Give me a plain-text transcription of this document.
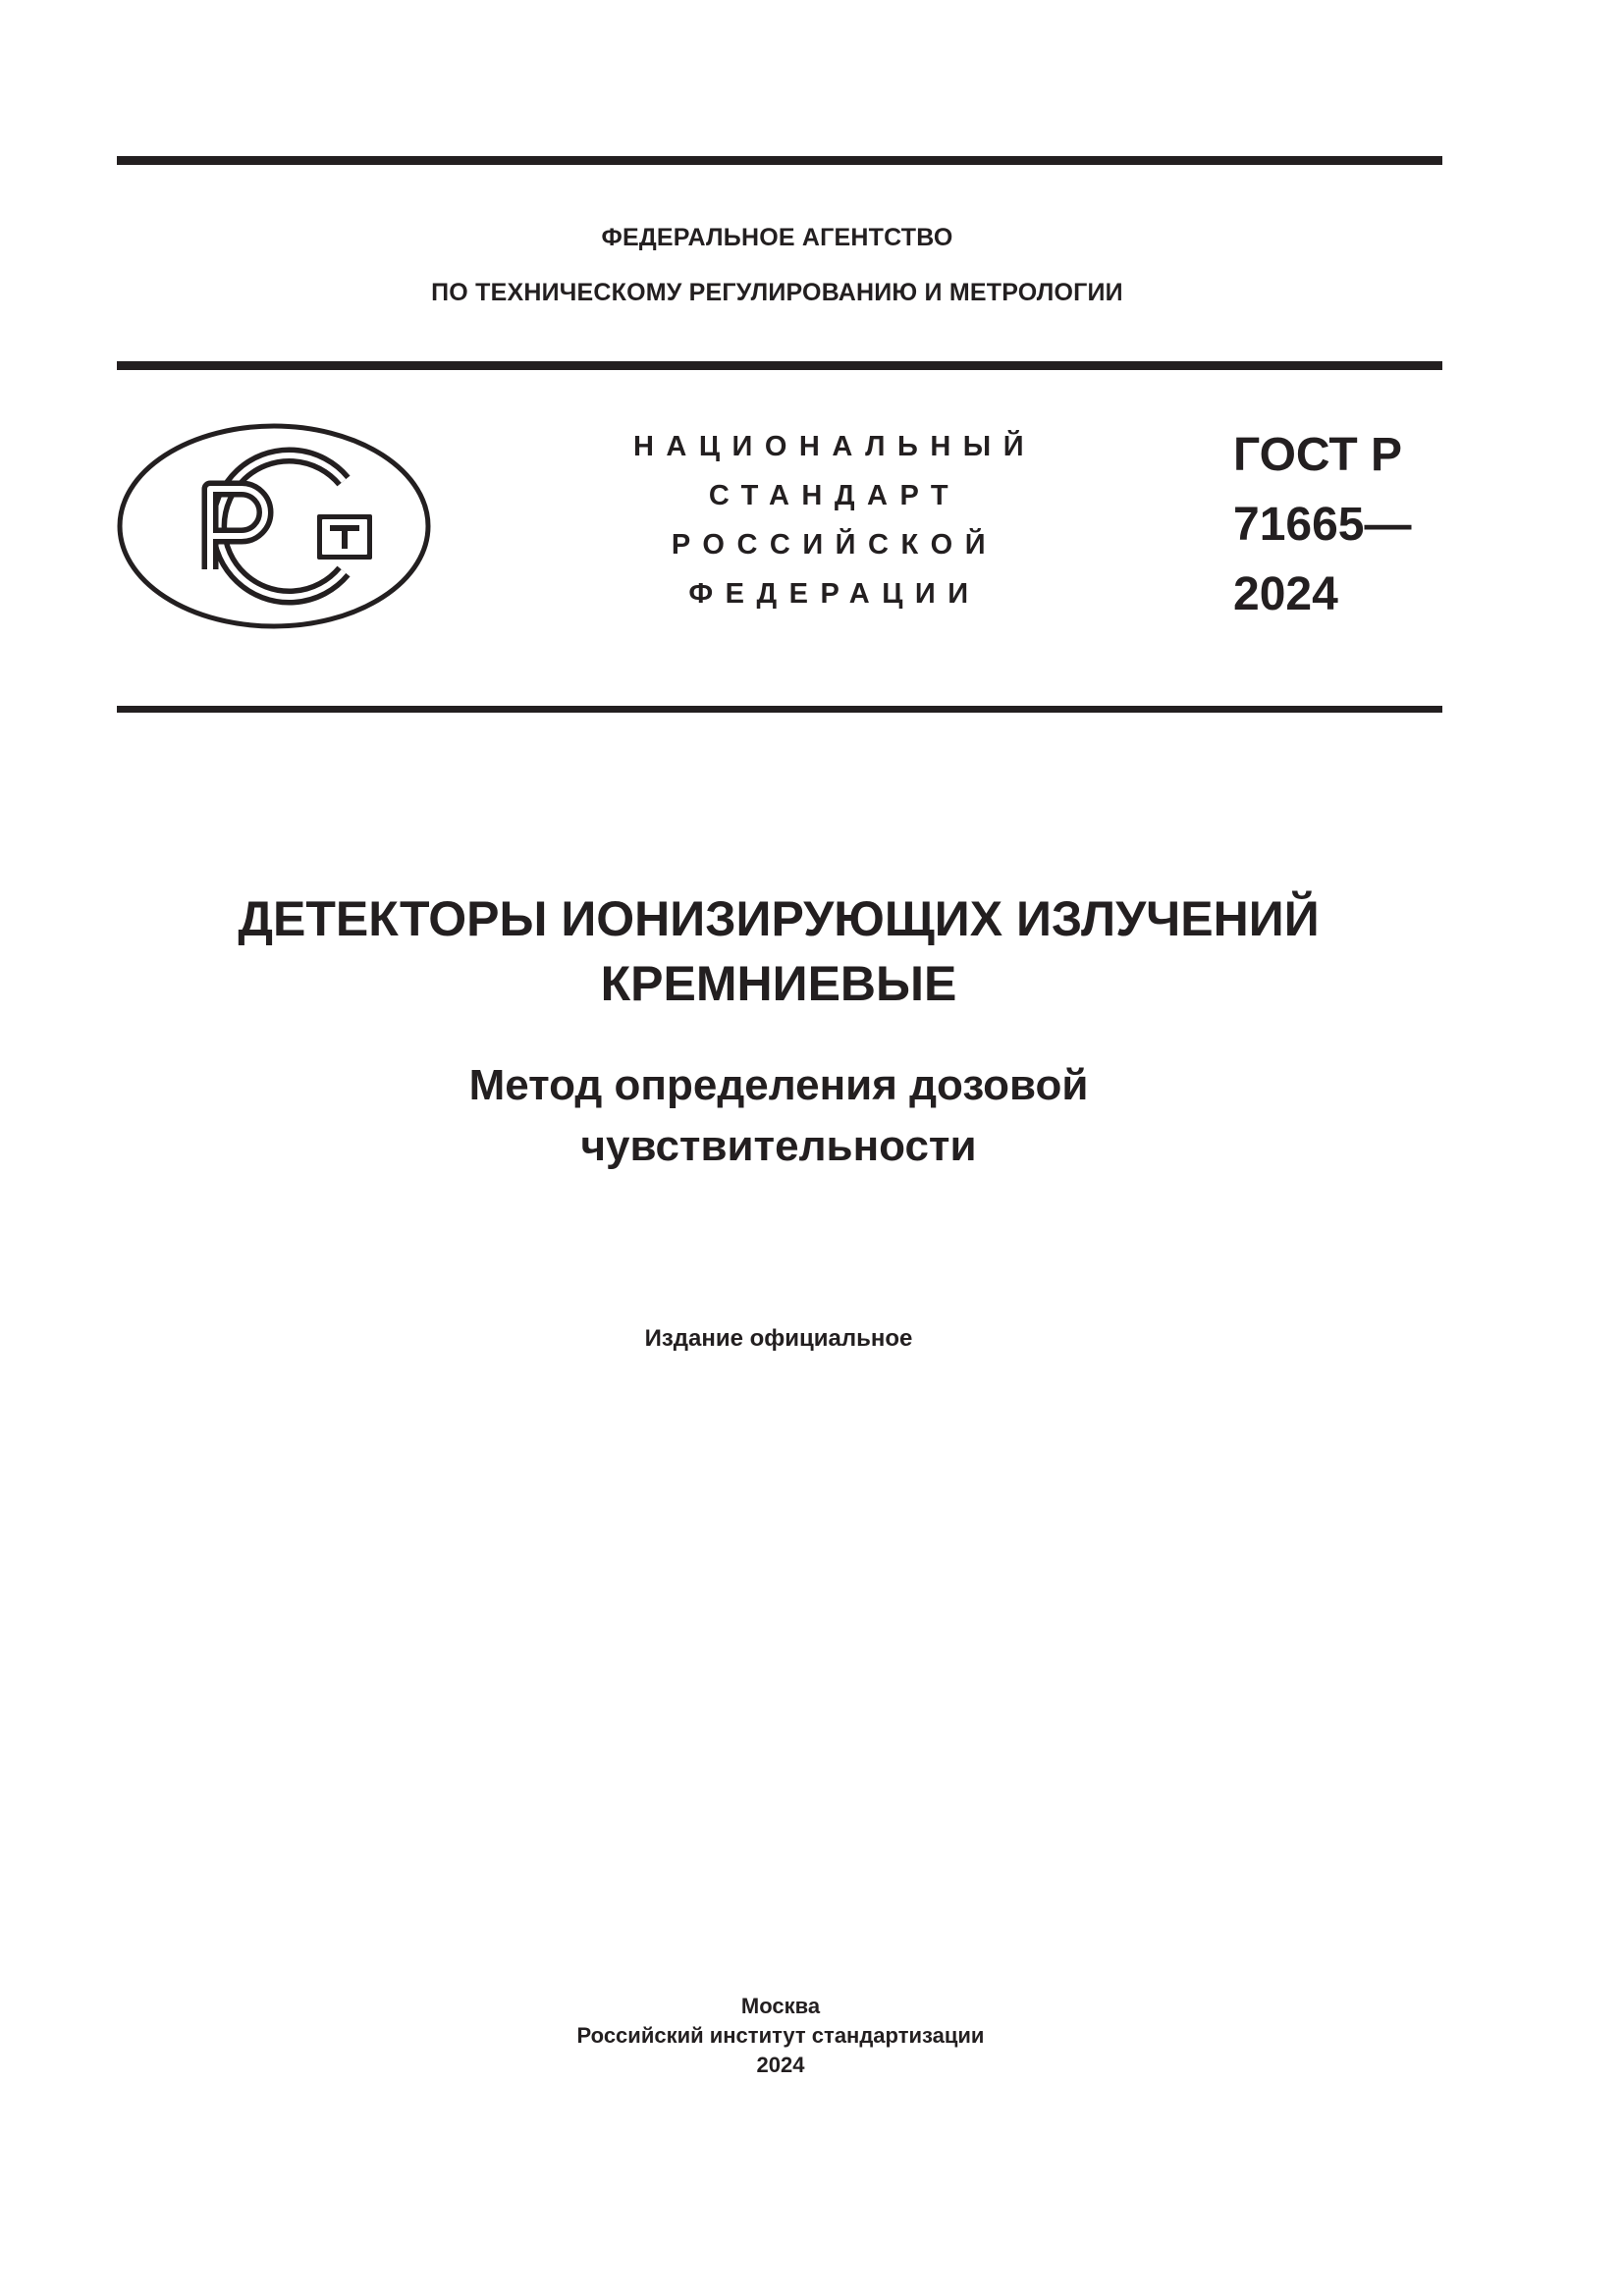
ФЕДЕРАЛЬНОЕ АГЕНТСТВО
ПО ТЕХНИЧЕСКОМУ РЕГУЛИРОВАНИЮ И МЕТРОЛОГИИ
НАЦИОНАЛЬНЫЙ
СТАНДАРТ
РОССИЙСКОЙ
ФЕДЕРАЦИИ
ГОСТ Р
71665—
2024
ДЕТЕКТОРЫ ИОНИЗИРУЮЩИХ ИЗЛУЧЕНИЙ
КРЕМНИЕВЫЕ
Метод определения дозовой
чувствительности
Издание официальное
Москва
Российский институт стандартизации
2024
